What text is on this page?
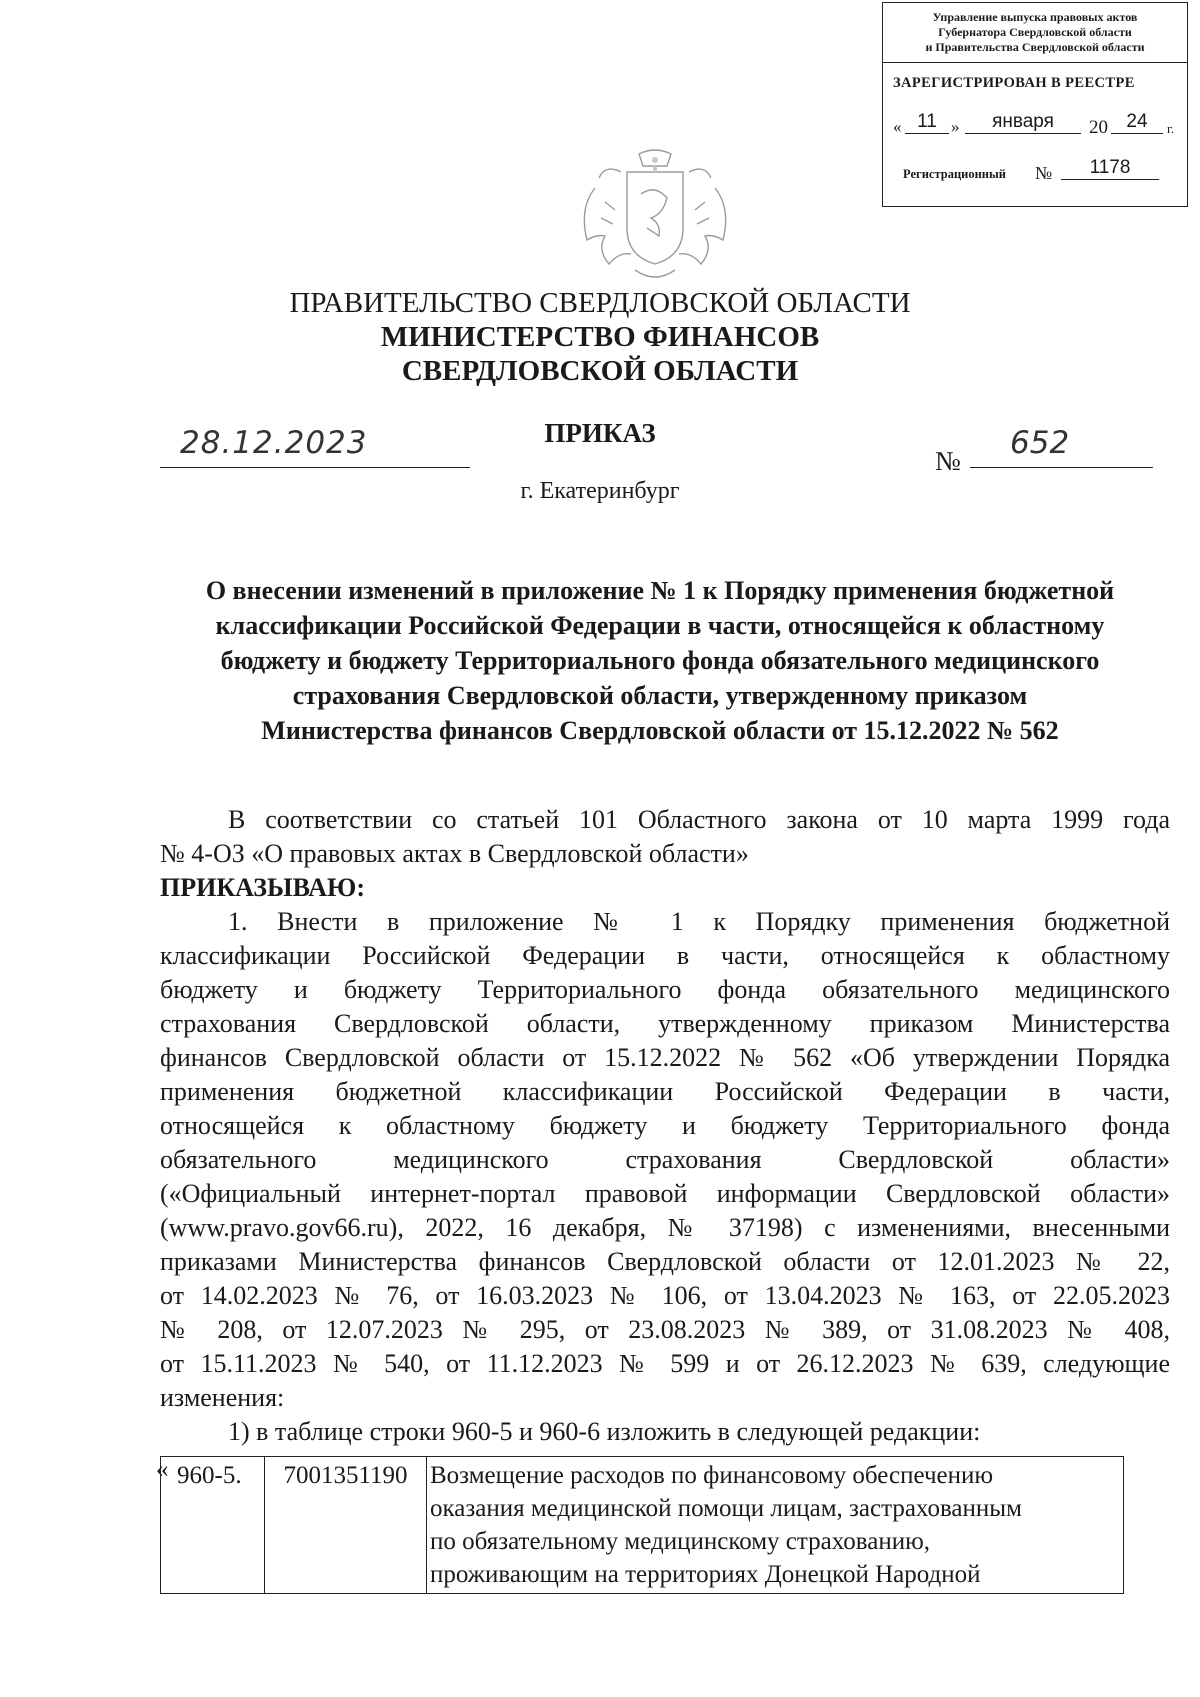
Управление выпуска правовых актов
Губернатора Свердловской области
и Правительства Свердловской области
ЗАРЕГИСТРИРОВАН В РЕЕСТРЕ
« 11 »	января	20 24	г.
Регистрационный №	1178
ПРАВИТЕЛЬСТВО СВЕРДЛОВСКОЙ ОБЛАСТИ
МИНИСТЕРСТВО ФИНАНСОВ
СВЕРДЛОВСКОЙ ОБЛАСТИ
ПРИКАЗ
28.12.2023	№ 652
г. Екатеринбург
О внесении изменений в приложение № 1 к Порядку применения бюджетной
классификации Российской Федерации в части, относящейся к областному
бюджету и бюджету Территориального фонда обязательного медицинского
страхования Свердловской области, утвержденному приказом
Министерства финансов Свердловской области от 15.12.2022 № 562
В соответствии со статьей 101 Областного закона от 10 марта 1999 года
№ 4-ОЗ «О правовых актах в Свердловской области»
ПРИКАЗЫВАЮ:
1. Внести в приложение № 1 к Порядку применения бюджетной
классификации Российской Федерации в части, относящейся к областному
бюджету и бюджету Территориального фонда обязательного медицинского
страхования Свердловской области, утвержденному приказом Министерства
финансов Свердловской области от 15.12.2022 № 562 «Об утверждении Порядка
применения бюджетной классификации Российской Федерации в части,
относящейся к областному бюджету и бюджету Территориального фонда
обязательного медицинского страхования Свердловской области»
(«Официальный интернет-портал правовой информации Свердловской области»
(www.pravo.gov66.ru), 2022, 16 декабря, № 37198) с изменениями, внесенными
приказами Министерства финансов Свердловской области от 12.01.2023 № 22,
от 14.02.2023 № 76, от 16.03.2023 № 106, от 13.04.2023 № 163, от 22.05.2023
№ 208, от 12.07.2023 № 295, от 23.08.2023 № 389, от 31.08.2023 № 408,
от 15.11.2023 № 540, от 11.12.2023 № 599 и от 26.12.2023 № 639, следующие
изменения:
1) в таблице строки 960-5 и 960-6 изложить в следующей редакции:
« 960-5.	7001351190	Возмещение расходов по финансовому обеспечению
оказания медицинской помощи лицам, застрахованным
по обязательному медицинскому страхованию,
проживающим на территориях Донецкой Народной
